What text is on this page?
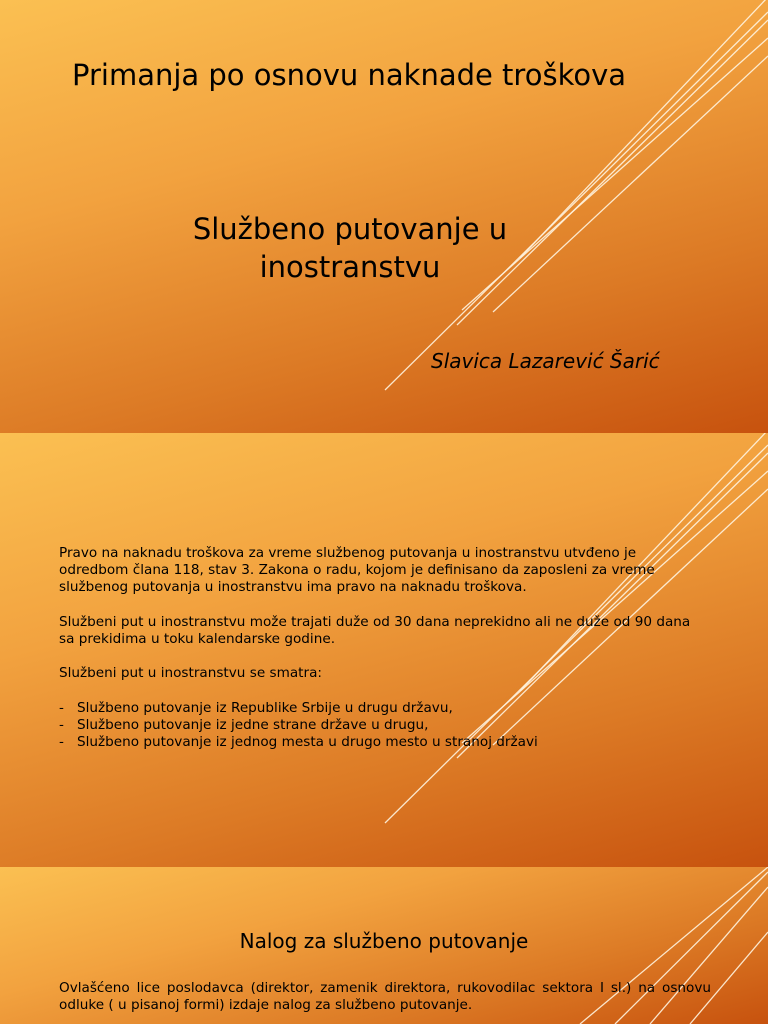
Primanja po osnovu naknade troškova
Službeno putovanje u inostranstvu
Slavica Lazarević Šarić

Pravo na naknadu troškova za vreme službenog putovanja u inostranstvu utvđeno je odredbom člana 118, stav 3. Zakona o radu, kojom je definisano da zaposleni za vreme službenog putovanja u inostranstvu ima pravo na naknadu troškova.

Službeni put u inostranstvu može trajati duže od 30 dana neprekidno ali ne duže od 90 dana sa prekidima u toku kalendarske godine.

Službeni put u inostranstvu se smatra:

- Službeno putovanje iz Republike Srbije u drugu državu,
- Službeno putovanje iz jedne strane države u drugu,
- Službeno putovanje iz jednog mesta u drugo mesto u stranoj državi
Nalog za službeno putovanje

Ovlašćeno lice poslodavca (direktor, zamenik direktora, rukovodilac sektora I sl.) na osnovu odluke ( u pisanoj formi) izdaje nalog za službeno putovanje.
